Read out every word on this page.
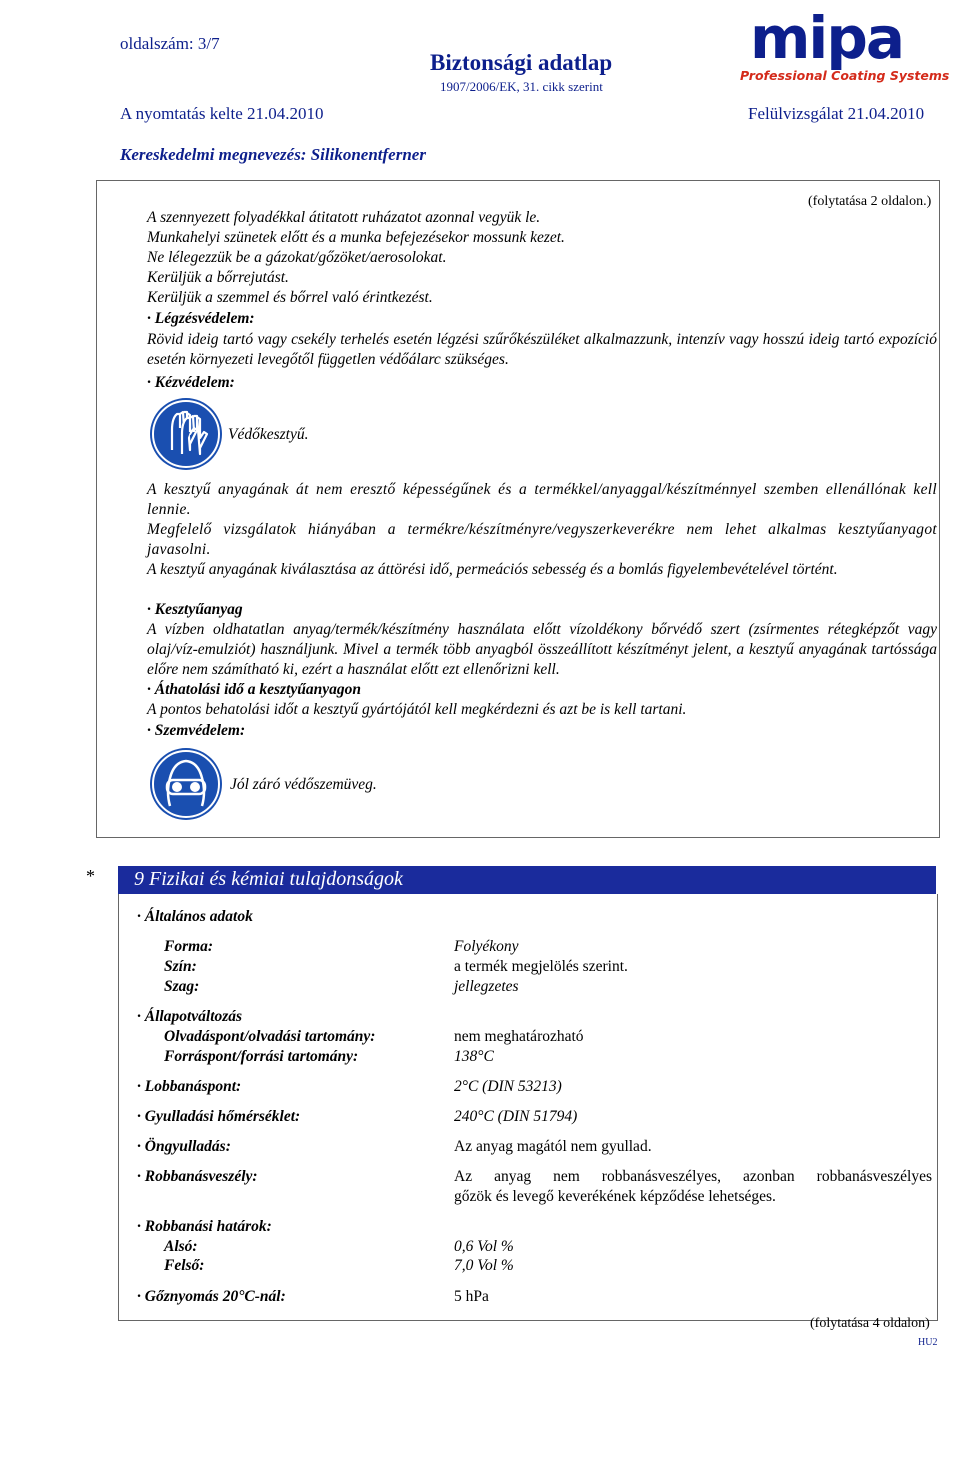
oldalszám: 3/7
Biztonsági adatlap
1907/2006/EK, 31. cikk szerint
A nyomtatás kelte 21.04.2010	Felülvizsgálat 21.04.2010
Kereskedelmi megnevezés: Silikonentferner
mipa
Professional Coating Systems
(folytatása 2 oldalon.)
A szennyezett folyadékkal átitatott ruházatot azonnal vegyük le.
Munkahelyi szünetek előtt és a munka befejezésekor mossunk kezet.
Ne lélegezzük be a gázokat/gőzöket/aerosolokat.
Kerüljük a bőrrejutást.
Kerüljük a szemmel és bőrrel való érintkezést.
· Légzésvédelem:
Rövid ideig tartó vagy csekély terhelés esetén légzési szűrőkészüléket alkalmazzunk, intenzív vagy hosszú ideig tartó expozíció esetén környezeti levegőtől független védőálarc szükséges.
· Kézvédelem:
Védőkesztyű.
A kesztyű anyagának át nem eresztő képességűnek és a termékkel/anyaggal/készítménnyel szemben ellenállónak kell lennie.
Megfelelő vizsgálatok hiányában a termékre/készítményre/vegyszerkeverékre nem lehet alkalmas kesztyűanyagot javasolni.
A kesztyű anyagának kiválasztása az áttörési idő, permeációs sebesség és a bomlás figyelembevételével történt.
· Kesztyűanyag
A vízben oldhatatlan anyag/termék/készítmény használata előtt vízoldékony bőrvédő szert (zsírmentes rétegképzőt vagy olaj/víz-emulziót) használjunk. Mivel a termék több anyagból összeállított készítményt jelent, a kesztyű anyagának tartóssága előre nem számítható ki, ezért a használat előtt ezt ellenőrizni kell.
· Áthatolási idő a kesztyűanyagon
A pontos behatolási időt a kesztyű gyártójától kell megkérdezni és azt be is kell tartani.
· Szemvédelem:
Jól záró védőszemüveg.
* 9 Fizikai és kémiai tulajdonságok
· Általános adatok
Forma:	Folyékony
Szín:	a termék megjelölés szerint.
Szag:	jellegzetes
· Állapotváltozás
Olvadáspont/olvadási tartomány:	nem meghatározható
Forráspont/forrási tartomány:	138°C
· Lobbanáspont:	2°C (DIN 53213)
· Gyulladási hőmérséklet:	240°C (DIN 51794)
· Öngyulladás:	Az anyag magától nem gyullad.
· Robbanásveszély:	Az anyag nem robbanásveszélyes, azonban robbanásveszélyes
gőzök és levegő keverékének képződése lehetséges.
· Robbanási határok:
Alsó:	0,6 Vol %
Felső:	7,0 Vol %
· Gőznyomás 20°C-nál:	5 hPa
(folytatása 4 oldalon)
HU2
